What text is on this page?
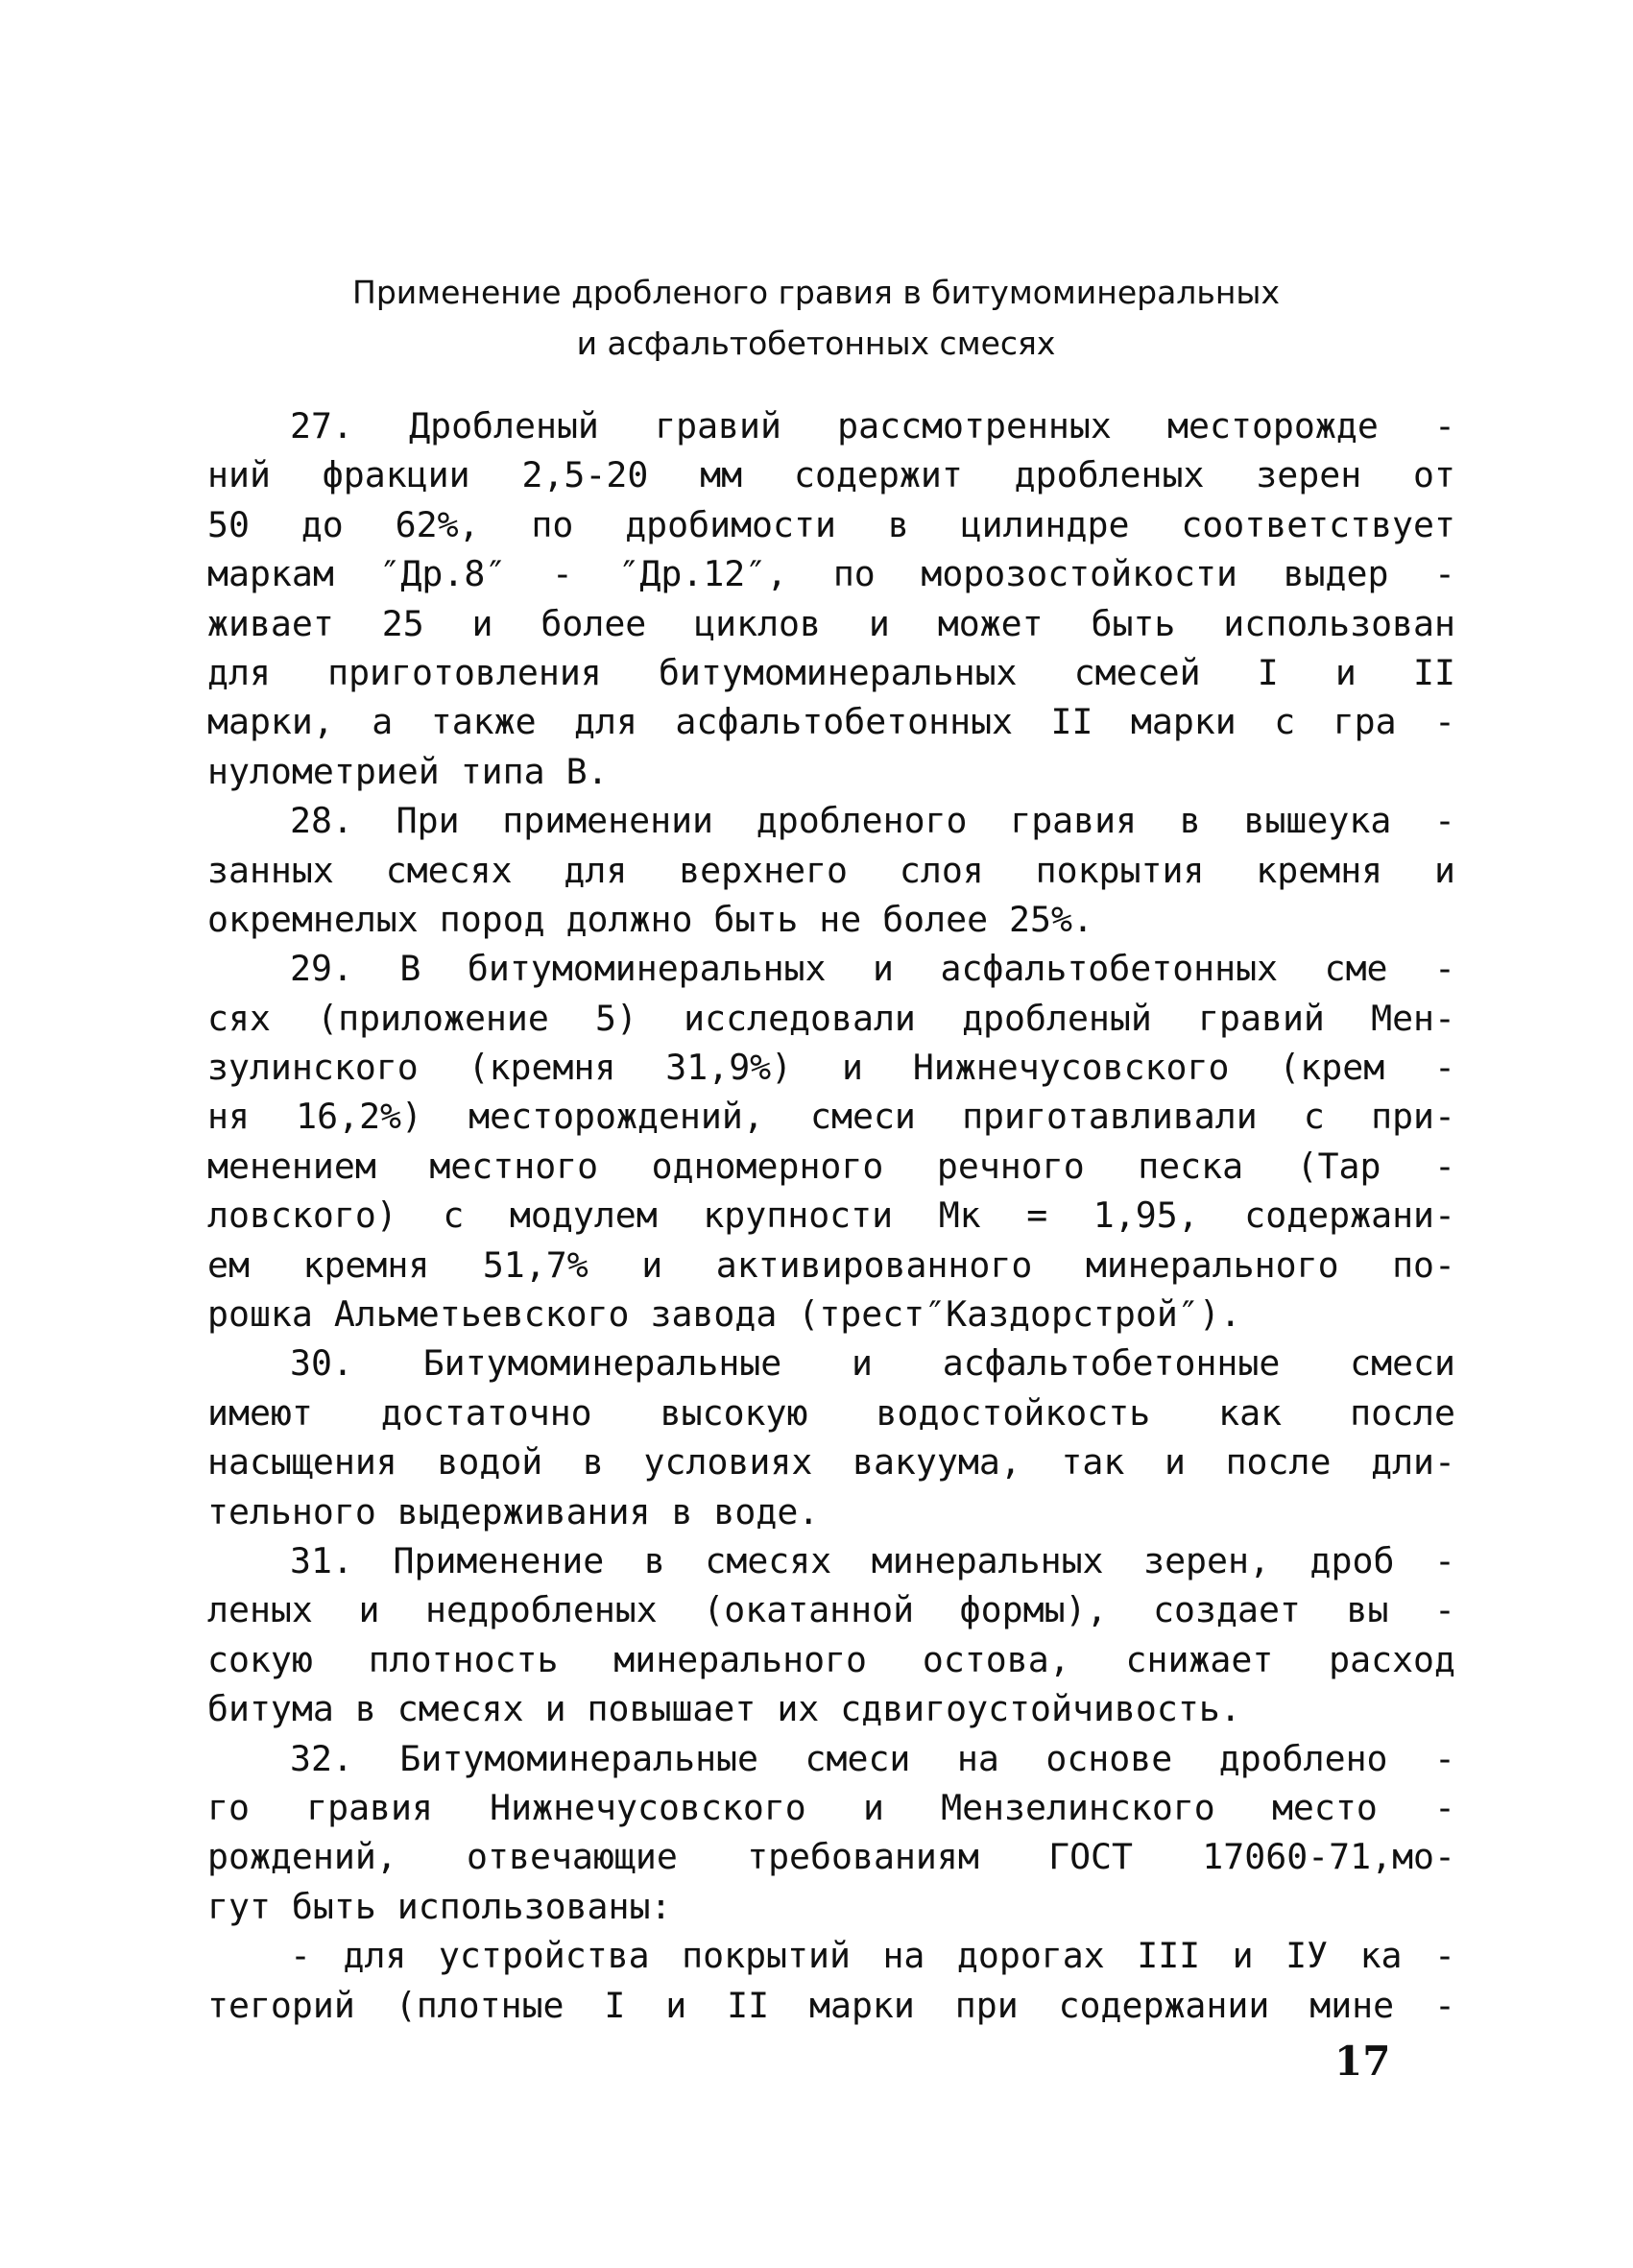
Применение дробленого гравия в битумоминеральных
и асфальтобетонных смесях
27. Дробленый гравий рассмотренных месторожде -
ний фракции 2,5-20 мм содержит дробленых зерен от
50 до 62%, по дробимости в цилиндре соответствует
маркам ″Др.8″ - ″Др.12″, по морозостойкости выдер -
живает 25 и более циклов и может быть использован
для приготовления битумоминеральных смесей I и II
марки, а также для асфальтобетонных II марки с гра -
нулометрией типа В.
28. При применении дробленого гравия в вышеука -
занных смесях для верхнего слоя покрытия кремня и
окремнелых пород должно быть не более 25%.
29. В битумоминеральных и асфальтобетонных сме -
сях (приложение 5) исследовали дробленый гравий Мен-
зулинского (кремня 31,9%) и Нижнечусовского (крем -
ня 16,2%) месторождений, смеси приготавливали с при-
менением местного одномерного речного песка (Тар -
ловского) с модулем крупности Мк = 1,95, содержани-
ем кремня 51,7% и активированного минерального по-
рошка Альметьевского завода (трест″Каздорстрой″).
30. Битумоминеральные и асфальтобетонные смеси
имеют достаточно высокую водостойкость как после
насыщения водой в условиях вакуума, так и после дли-
тельного выдерживания в воде.
31. Применение в смесях минеральных зерен, дроб -
леных и недробленых (окатанной формы), создает вы -
сокую плотность минерального остова, снижает расход
битума в смесях и повышает их сдвигоустойчивость.
32. Битумоминеральные смеси на основе дроблено -
го гравия Нижнечусовского и Мензелинского место -
рождений, отвечающие требованиям ГОСТ 17060-71,мо-
гут быть использованы:
- для устройства покрытий на дорогах III и IУ ка -
тегорий (плотные I и II марки при содержании мине -
17
